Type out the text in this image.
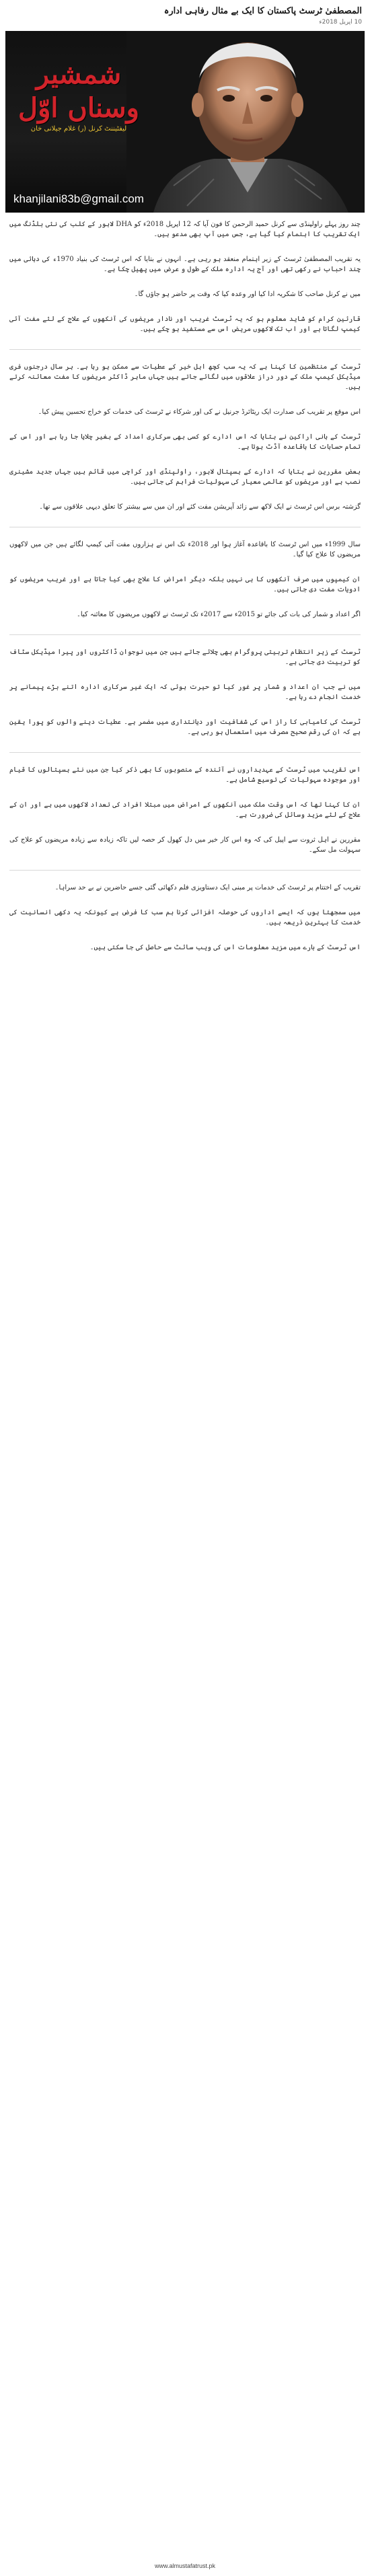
المصطفیٰ ٹرسٹ پاکستان کا ایک بے مثال رفاہی ادارہ
10 اپریل 2018ء
شمشیر وسناں اوّل
لیفٹیننٹ کرنل (ر) غلام جیلانی خان
khanjilani83b@gmail.com

چند روز پہلے راولپنڈی سے کرنل حمید الرحمن کا فون آیا کہ 12 اپریل 2018ء کو DHA لاہور کے کلب کی نئی بلڈنگ میں ایک تقریب کا اہتمام کیا گیا ہے، جس میں آپ بھی مدعو ہیں۔

یہ تقریب المصطفیٰ ٹرسٹ کے زیر اہتمام منعقد ہو رہی ہے۔ انہوں نے بتایا کہ اس ٹرسٹ کی بنیاد 1970ء کی دہائی میں چند احباب نے رکھی تھی اور آج یہ ادارہ ملک کے طول و عرض میں پھیل چکا ہے۔

میں نے کرنل صاحب کا شکریہ ادا کیا اور وعدہ کیا کہ وقت پر حاضر ہو جاؤں گا۔

قارئین کرام کو شاید معلوم ہو کہ یہ ٹرسٹ غریب اور نادار مریضوں کی آنکھوں کے علاج کے لئے مفت آئی کیمپ لگاتا ہے اور اب تک لاکھوں مریض اس سے مستفید ہو چکے ہیں۔

ٹرسٹ کے منتظمین کا کہنا ہے کہ یہ سب کچھ اہل خیر کے عطیات سے ممکن ہو رہا ہے۔ ہر سال درجنوں فری میڈیکل کیمپ ملک کے دور دراز علاقوں میں لگائے جاتے ہیں جہاں ماہر ڈاکٹر مریضوں کا مفت معائنہ کرتے ہیں۔

اس موقع پر تقریب کی صدارت ایک ریٹائرڈ جرنیل نے کی اور شرکاء نے ٹرسٹ کی خدمات کو خراج تحسین پیش کیا۔

ٹرسٹ کے بانی اراکین نے بتایا کہ اس ادارے کو کسی بھی سرکاری امداد کے بغیر چلایا جا رہا ہے اور اس کے تمام حسابات کا باقاعدہ آڈٹ ہوتا ہے۔

بعض مقررین نے بتایا کہ ادارے کے ہسپتال لاہور، راولپنڈی اور کراچی میں قائم ہیں جہاں جدید مشینری نصب ہے اور مریضوں کو عالمی معیار کی سہولیات فراہم کی جاتی ہیں۔

گزشتہ برس اس ٹرسٹ نے ایک لاکھ سے زائد آپریشن مفت کئے اور ان میں سے بیشتر کا تعلق دیہی علاقوں سے تھا۔

سال 1999ء میں اس ٹرسٹ کا باقاعدہ آغاز ہوا اور 2018ء تک اس نے ہزاروں مفت آئی کیمپ لگائے ہیں جن میں لاکھوں مریضوں کا علاج کیا گیا۔

ان کیمپوں میں صرف آنکھوں کا ہی نہیں بلکہ دیگر امراض کا علاج بھی کیا جاتا ہے اور غریب مریضوں کو ادویات مفت دی جاتی ہیں۔

اگر اعداد و شمار کی بات کی جائے تو 2015ء سے 2017ء تک ٹرسٹ نے لاکھوں مریضوں کا معائنہ کیا۔

ٹرسٹ کے زیر انتظام تربیتی پروگرام بھی چلائے جاتے ہیں جن میں نوجوان ڈاکٹروں اور پیرا میڈیکل سٹاف کو تربیت دی جاتی ہے۔

میں نے جب ان اعداد و شمار پر غور کیا تو حیرت ہوئی کہ ایک غیر سرکاری ادارہ اتنے بڑے پیمانے پر خدمت انجام دے رہا ہے۔

ٹرسٹ کی کامیابی کا راز اس کی شفافیت اور دیانتداری میں مضمر ہے۔ عطیات دینے والوں کو پورا یقین ہے کہ ان کی رقم صحیح مصرف میں استعمال ہو رہی ہے۔

اس تقریب میں ٹرسٹ کے عہدیداروں نے آئندہ کے منصوبوں کا بھی ذکر کیا جن میں نئے ہسپتالوں کا قیام اور موجودہ سہولیات کی توسیع شامل ہے۔

ان کا کہنا تھا کہ اس وقت ملک میں آنکھوں کے امراض میں مبتلا افراد کی تعداد لاکھوں میں ہے اور ان کے علاج کے لئے مزید وسائل کی ضرورت ہے۔

مقررین نے اہل ثروت سے اپیل کی کہ وہ اس کار خیر میں دل کھول کر حصہ لیں تاکہ زیادہ سے زیادہ مریضوں کو علاج کی سہولت مل سکے۔

تقریب کے اختتام پر ٹرسٹ کی خدمات پر مبنی ایک دستاویزی فلم دکھائی گئی جسے حاضرین نے بے حد سراہا۔

میں سمجھتا ہوں کہ ایسے اداروں کی حوصلہ افزائی کرنا ہم سب کا فرض ہے کیونکہ یہ دکھی انسانیت کی خدمت کا بہترین ذریعہ ہیں۔

اس ٹرسٹ کے بارے میں مزید معلومات اس کی ویب سائٹ سے حاصل کی جا سکتی ہیں۔

www.almustafatrust.pk
